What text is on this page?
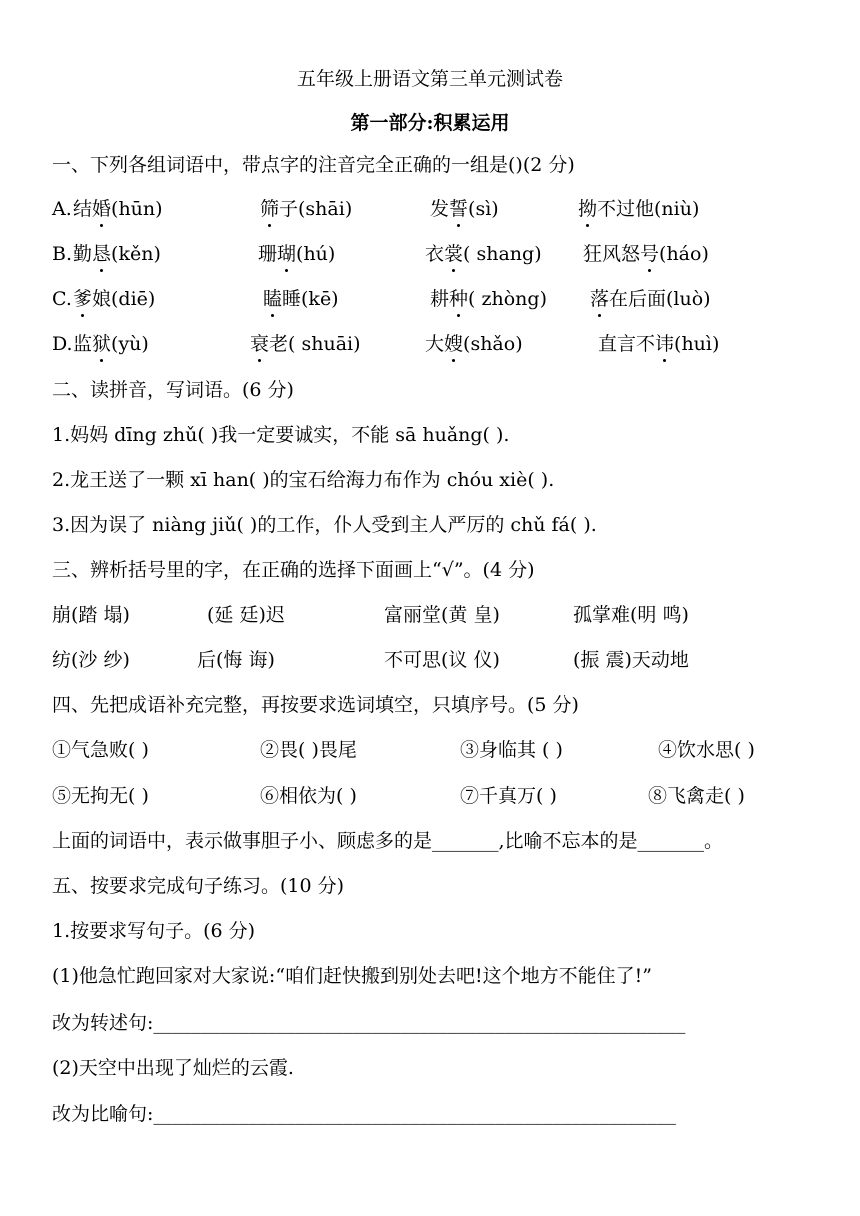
五年级上册语文第三单元测试卷
第一部分:积累运用
一、下列各组词语中，带点字的注音完全正确的一组是()(2 分)
A. 结婚(hūn)	筛子(shāi)	发誓(sì)	拗不过他(niù)
B. 勤恳(kěn)	珊瑚(hú)	衣裳( shang) 狂风怒号(háo)
C. 爹娘(diē)	瞌睡(kē)	耕种( zhòng) 落在后面(luò)
D. 监狱(yù)	衰老( shuāi)	大嫂(shǎo)	直言不讳(huì)
二、读拼音，写词语。(6 分)
1.妈妈 dīng zhǔ( )我一定要诚实，不能 sā huǎng( ).
2.龙王送了一颗 xī han( )的宝石给海力布作为 chóu xiè( ).
3.因为误了 niàng jiǔ( )的工作，仆人受到主人严厉的 chǔ fá( ).
三、辨析括号里的字，在正确的选择下面画上“√”。(4 分)
崩(踏 塌)	(延 廷)迟	富丽堂(黄 皇)	孤掌难(明 鸣)
纺(沙 纱)	后(悔 诲)	不可思(议 仪)	(振 震)天动地
四、先把成语补充完整，再按要求选词填空，只填序号。(5 分)
①气急败( )	②畏( )畏尾	③身临其 ( )	④饮水思( )
⑤无拘无( )	⑥相依为( )	⑦千真万( )	⑧飞禽走( )
上面的词语中，表示做事胆子小、顾虑多的是_______,比喻不忘本的是_______。
五、按要求完成句子练习。(10 分)
1.按要求写句子。(6 分)
(1)他急忙跑回家对大家说:“咱们赶快搬到别处去吧!这个地方不能住了!”
改为转述句:________________________________________________________
(2)天空中出现了灿烂的云霞.
改为比喻句:_______________________________________________________
